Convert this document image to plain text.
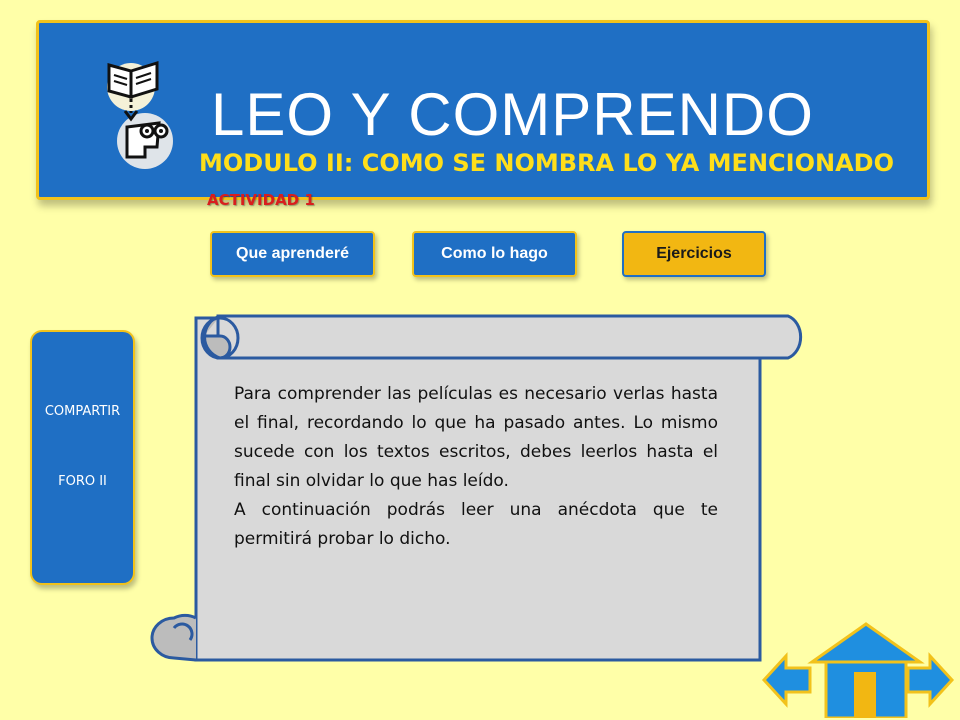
LEO Y COMPRENDO
MODULO II: COMO SE NOMBRA LO YA MENCIONADO
ACTIVIDAD 1
Que aprenderé	Como lo hago	Ejercicios
COMPARTIR
FORO II

Para comprender las películas es necesario verlas hasta el final, recordando lo que ha pasado antes. Lo mismo sucede con los textos escritos, debes leerlos hasta el final sin olvidar lo que has leído.

A continuación podrás leer una anécdota que te permitirá probar lo dicho.
